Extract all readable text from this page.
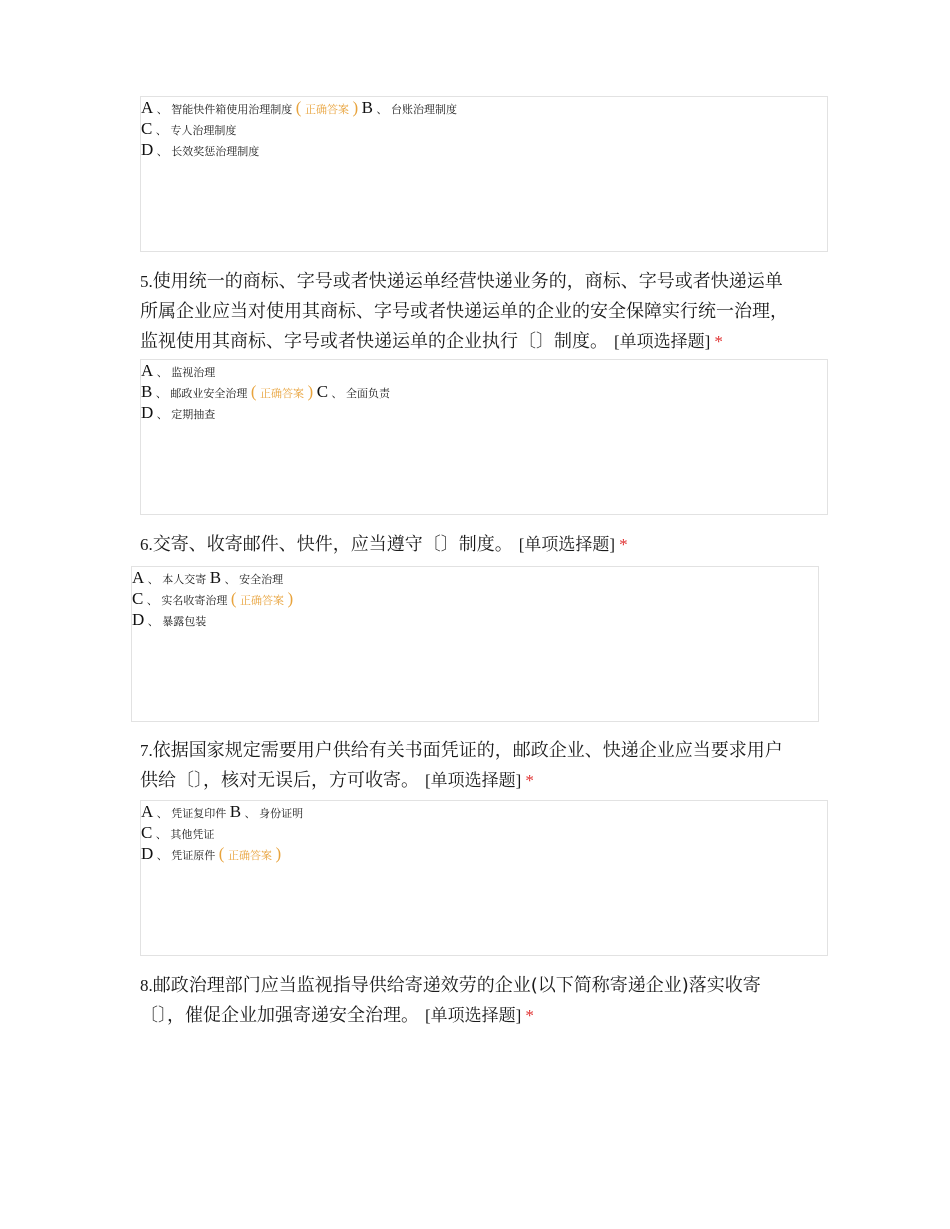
A 、 智能快件箱使用治理制度 ( 正确答案 ) B 、 台账治理制度
C 、 专人治理制度
D 、 长效奖惩治理制度
5.使用统一的商标、字号或者快递运单经营快递业务的，商标、字号或者快递运单
所属企业应当对使用其商标、字号或者快递运单的企业的安全保障实行统一治理，
监视使用其商标、字号或者快递运单的企业执行〔〕制度。 [单项选择题] *
A 、 监视治理
B 、 邮政业安全治理 ( 正确答案 ) C 、 全面负责
D 、 定期抽查
6.交寄、收寄邮件、快件，应当遵守〔〕制度。 [单项选择题] *
A 、 本人交寄 B 、 安全治理
C 、 实名收寄治理 ( 正确答案 )
D 、 暴露包装
7.依据国家规定需要用户供给有关书面凭证的，邮政企业、快递企业应当要求用户
供给〔〕，核对无误后，方可收寄。 [单项选择题] *
A 、 凭证复印件 B 、 身份证明
C 、 其他凭证
D 、 凭证原件 ( 正确答案 )
8.邮政治理部门应当监视指导供给寄递效劳的企业(以下简称寄递企业)落实收寄
〔〕，催促企业加强寄递安全治理。 [单项选择题] *
